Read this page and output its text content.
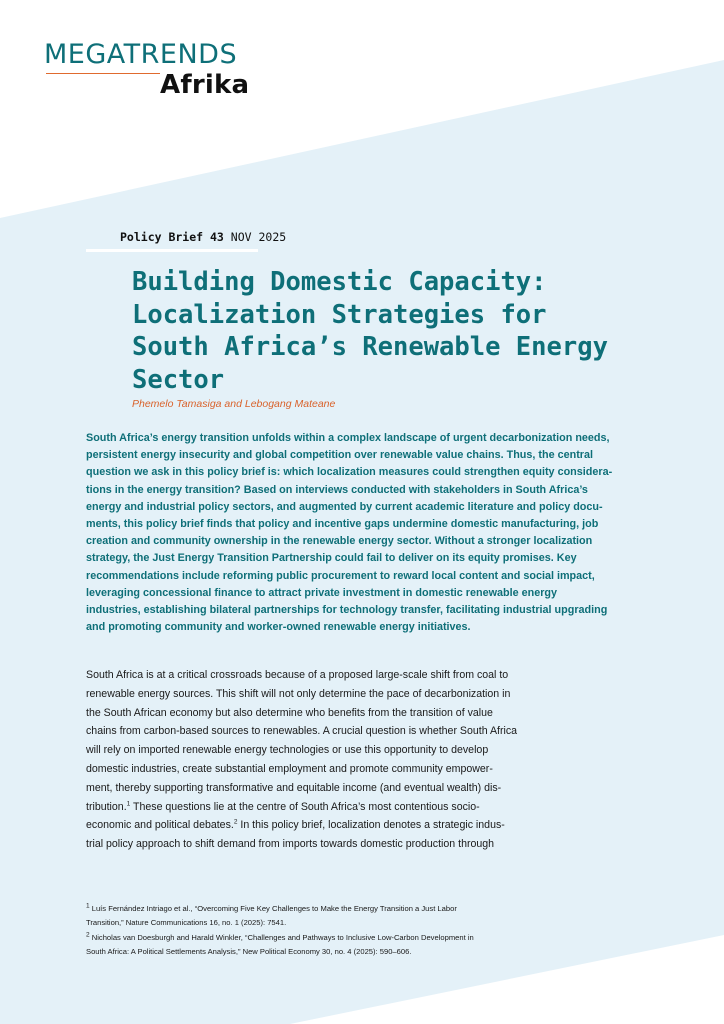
MEGATRENDS
Afrika
Policy Brief 43 NOV 2025
Building Domestic Capacity:
Localization Strategies for
South Africa’s Renewable Energy
Sector
Phemelo Tamasiga and Lebogang Mateane
South Africa’s energy transition unfolds within a complex landscape of urgent decarbonization needs,
persistent energy insecurity and global competition over renewable value chains. Thus, the central
question we ask in this policy brief is: which localization measures could strengthen equity considera-
tions in the energy transition? Based on interviews conducted with stakeholders in South Africa’s
energy and industrial policy sectors, and augmented by current academic literature and policy docu-
ments, this policy brief finds that policy and incentive gaps undermine domestic manufacturing, job
creation and community ownership in the renewable energy sector. Without a stronger localization
strategy, the Just Energy Transition Partnership could fail to deliver on its equity promises. Key
recommendations include reforming public procurement to reward local content and social impact,
leveraging concessional finance to attract private investment in domestic renewable energy
industries, establishing bilateral partnerships for technology transfer, facilitating industrial upgrading
and promoting community and worker-owned renewable energy initiatives.
South Africa is at a critical crossroads because of a proposed large-scale shift from coal to
renewable energy sources. This shift will not only determine the pace of decarbonization in
the South African economy but also determine who benefits from the transition of value
chains from carbon-based sources to renewables. A crucial question is whether South Africa
will rely on imported renewable energy technologies or use this opportunity to develop
domestic industries, create substantial employment and promote community empower-
ment, thereby supporting transformative and equitable income (and eventual wealth) dis-
tribution.$^1$ These questions lie at the centre of South Africa’s most contentious socio-
economic and political debates.$^2$ In this policy brief, localization denotes a strategic indus-
trial policy approach to shift demand from imports towards domestic production through

$^1$ Luís Fernández Intriago et al., “Overcoming Five Key Challenges to Make the Energy Transition a Just Labor
Transition,” Nature Communications 16, no. 1 (2025): 7541.

$^2$ Nicholas van Doesburgh and Harald Winkler, “Challenges and Pathways to Inclusive Low-Carbon Development in
South Africa: A Political Settlements Analysis,” New Political Economy 30, no. 4 (2025): 590–606.
